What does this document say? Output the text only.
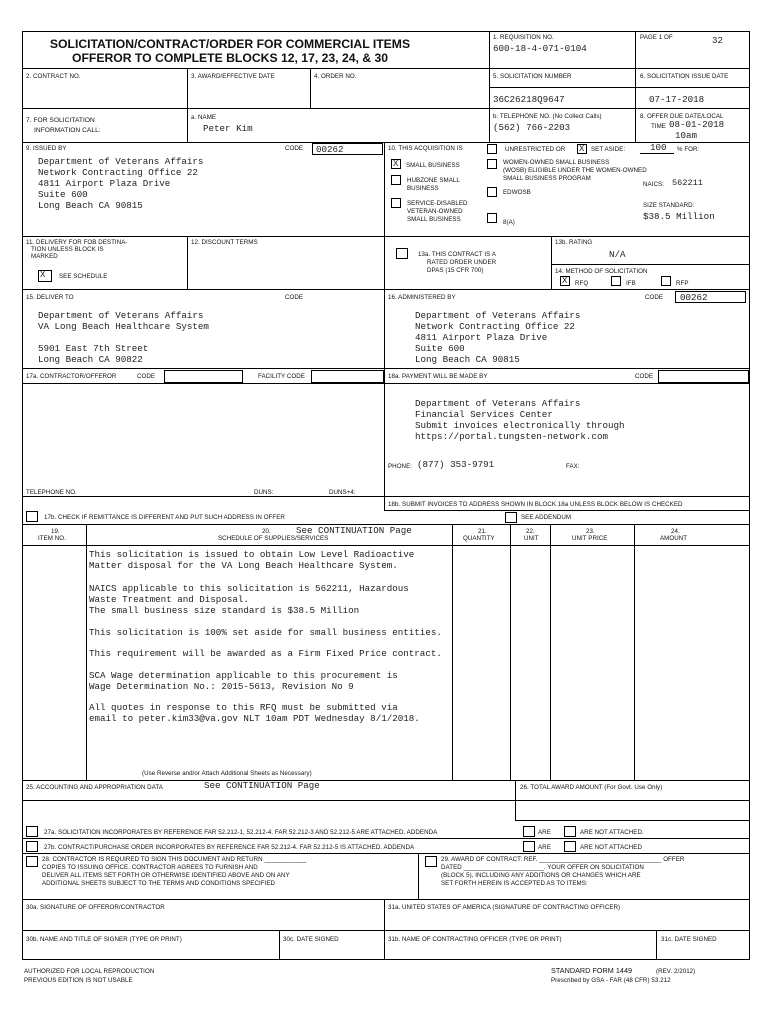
SOLICITATION/CONTRACT/ORDER FOR COMMERCIAL ITEMS
OFFEROR TO COMPLETE BLOCKS 12, 17, 23, 24, & 30
1. REQUISITION NO.
600-18-4-071-0104
PAGE 1 OF	32
2. CONTRACT NO.	3. AWARD/EFFECTIVE DATE	4. ORDER NO.	5. SOLICITATION NUMBER	6. SOLICITATION ISSUE DATE
36C26218Q9647	07-17-2018
7. FOR SOLICITATION
INFORMATION CALL:
a. NAME
Peter Kim
b. TELEPHONE NO. (No Collect Calls)
(562) 766-2203
8. OFFER DUE DATE/LOCAL
TIME 08-01-2018
10am
9. ISSUED BY	CODE 00262
Department of Veterans Affairs
Network Contracting Office 22
4811 Airport Plaza Drive
Suite 600
Long Beach CA 90815
10. THIS ACQUISITION IS	UNRESTRICTED OR
X	SET ASIDE:	100 % FOR:
X
SMALL BUSINESS
HUBZONE SMALL
BUSINESS
SERVICE-DISABLED
VETERAN-OWNED
SMALL BUSINESS
WOMEN-OWNED SMALL BUSINESS
(WOSB) ELIGIBLE UNDER THE WOMEN-OWNED
SMALL BUSINESS PROGRAM
NAICS: 562211
EDWOSB
SIZE STANDARD:
$38.5 Million
8(A)
11. DELIVERY FOR FOB DESTINA-
TION UNLESS BLOCK IS
MARKED
X
SEE SCHEDULE
12. DISCOUNT TERMS
13a. THIS CONTRACT IS A
RATED ORDER UNDER
DPAS (15 CFR 700)
13b. RATING
N/A
14. METHOD OF SOLICITATION
X
RFQ	IFB	RFP
15. DELIVER TO	CODE
Department of Veterans Affairs
VA Long Beach Healthcare System
5901 East 7th Street
Long Beach CA 90822
16. ADMINISTERED BY	CODE 00262
Department of Veterans Affairs
Network Contracting Office 22
4811 Airport Plaza Drive
Suite 600
Long Beach CA 90815
17a. CONTRACTOR/OFFEROR	CODE	FACILITY CODE	18a. PAYMENT WILL BE MADE BY	CODE
Department of Veterans Affairs
Financial Services Center
Submit invoices electronically through
https://portal.tungsten-network.com
PHONE: (877) 353-9791	FAX:
TELEPHONE NO.	DUNS:	DUNS+4:
17b. CHECK IF REMITTANCE IS DIFFERENT AND PUT SUCH ADDRESS IN OFFER
18b. SUBMIT INVOICES TO ADDRESS SHOWN IN BLOCK 18a UNLESS BLOCK BELOW IS CHECKED
SEE ADDENDUM
19.
ITEM NO.
20.
SCHEDULE OF SUPPLIES/SERVICES
See CONTINUATION Page	21.
QUANTITY
22.
UNIT
23.
UNIT PRICE
24.
AMOUNT
This solicitation is issued to obtain Low Level Radioactive
Matter disposal for the VA Long Beach Healthcare System.
NAICS applicable to this solicitation is 562211, Hazardous
Waste Treatment and Disposal.
The small business size standard is $38.5 Million
This solicitation is 100% set aside for small business entities.
This requirement will be awarded as a Firm Fixed Price contract.
SCA Wage determination applicable to this procurement is
Wage Determination No.: 2015-5613, Revision No 9
All quotes in response to this RFQ must be submitted via
email to peter.kim33@va.gov NLT 10am PDT Wednesday 8/1/2018.
(Use Reverse and/or Attach Additional Sheets as Necessary)
25. ACCOUNTING AND APPROPRIATION DATA	See CONTINUATION Page	26. TOTAL AWARD AMOUNT (For Govt. Use Only)
27a. SOLICITATION INCORPORATES BY REFERENCE FAR 52.212-1, 52.212-4. FAR 52.212-3 AND 52.212-5 ARE ATTACHED. ADDENDA	ARE	ARE NOT ATTACHED.
27b. CONTRACT/PURCHASE ORDER INCORPORATES BY REFERENCE FAR 52.212-4. FAR 52.212-5 IS ATTACHED. ADDENDA	ARE	ARE NOT ATTACHED
28. CONTRACTOR IS REQUIRED TO SIGN THIS DOCUMENT AND RETURN ____________
COPIES TO ISSUING OFFICE. CONTRACTOR AGREES TO FURNISH AND
DELIVER ALL ITEMS SET FORTH OR OTHERWISE IDENTIFIED ABOVE AND ON ANY
ADDITIONAL SHEETS SUBJECT TO THE TERMS AND CONDITIONS SPECIFIED
29. AWARD OF CONTRACT: REF. ___________________________________ OFFER
DATED _______________________. YOUR OFFER ON SOLICITATION
(BLOCK 5), INCLUDING ANY ADDITIONS OR CHANGES WHICH ARE
SET FORTH HEREIN IS ACCEPTED AS TO ITEMS:
30a. SIGNATURE OF OFFEROR/CONTRACTOR	31a. UNITED STATES OF AMERICA (SIGNATURE OF CONTRACTING OFFICER)
30b. NAME AND TITLE OF SIGNER (TYPE OR PRINT)	30c. DATE SIGNED	31b. NAME OF CONTRACTING OFFICER (TYPE OR PRINT)	31c. DATE SIGNED
AUTHORIZED FOR LOCAL REPRODUCTION
PREVIOUS EDITION IS NOT USABLE
STANDARD FORM 1449	(REV. 2/2012)
Prescribed by GSA - FAR (48 CFR) 53.212
